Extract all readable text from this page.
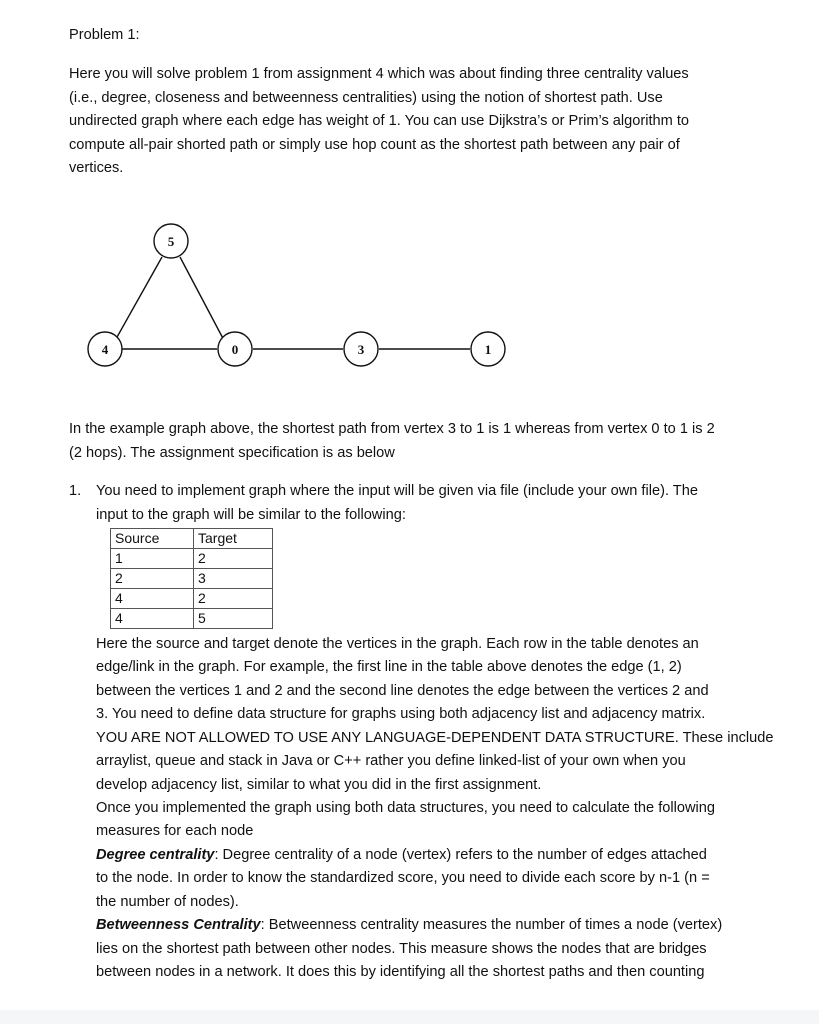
Problem 1:
Here you will solve problem 1 from assignment 4 which was about finding three centrality values
(i.e., degree, closeness and betweenness centralities) using the notion of shortest path. Use
undirected graph where each edge has weight of 1. You can use Dijkstra’s or Prim’s algorithm to
compute all-pair shorted path or simply use hop count as the shortest path between any pair of
vertices.
5
4	0	3	1
In the example graph above, the shortest path from vertex 3 to 1 is 1 whereas from vertex 0 to 1 is 2
(2 hops). The assignment specification is as below
1. You need to implement graph where the input will be given via file (include your own file). The
input to the graph will be similar to the following:
Source	Target
1	2
2	3
4	2
4	5
Here the source and target denote the vertices in the graph. Each row in the table denotes an
edge/link in the graph. For example, the first line in the table above denotes the edge (1, 2)
between the vertices 1 and 2 and the second line denotes the edge between the vertices 2 and
3. You need to define data structure for graphs using both adjacency list and adjacency matrix.
YOU ARE NOT ALLOWED TO USE ANY LANGUAGE-DEPENDENT DATA STRUCTURE. These include
arraylist, queue and stack in Java or C++ rather you define linked-list of your own when you
develop adjacency list, similar to what you did in the first assignment.
Once you implemented the graph using both data structures, you need to calculate the following
measures for each node
Degree centrality: Degree centrality of a node (vertex) refers to the number of edges attached
to the node. In order to know the standardized score, you need to divide each score by n-1 (n =
the number of nodes).
Betweenness Centrality: Betweenness centrality measures the number of times a node (vertex)
lies on the shortest path between other nodes. This measure shows the nodes that are bridges
between nodes in a network. It does this by identifying all the shortest paths and then counting
